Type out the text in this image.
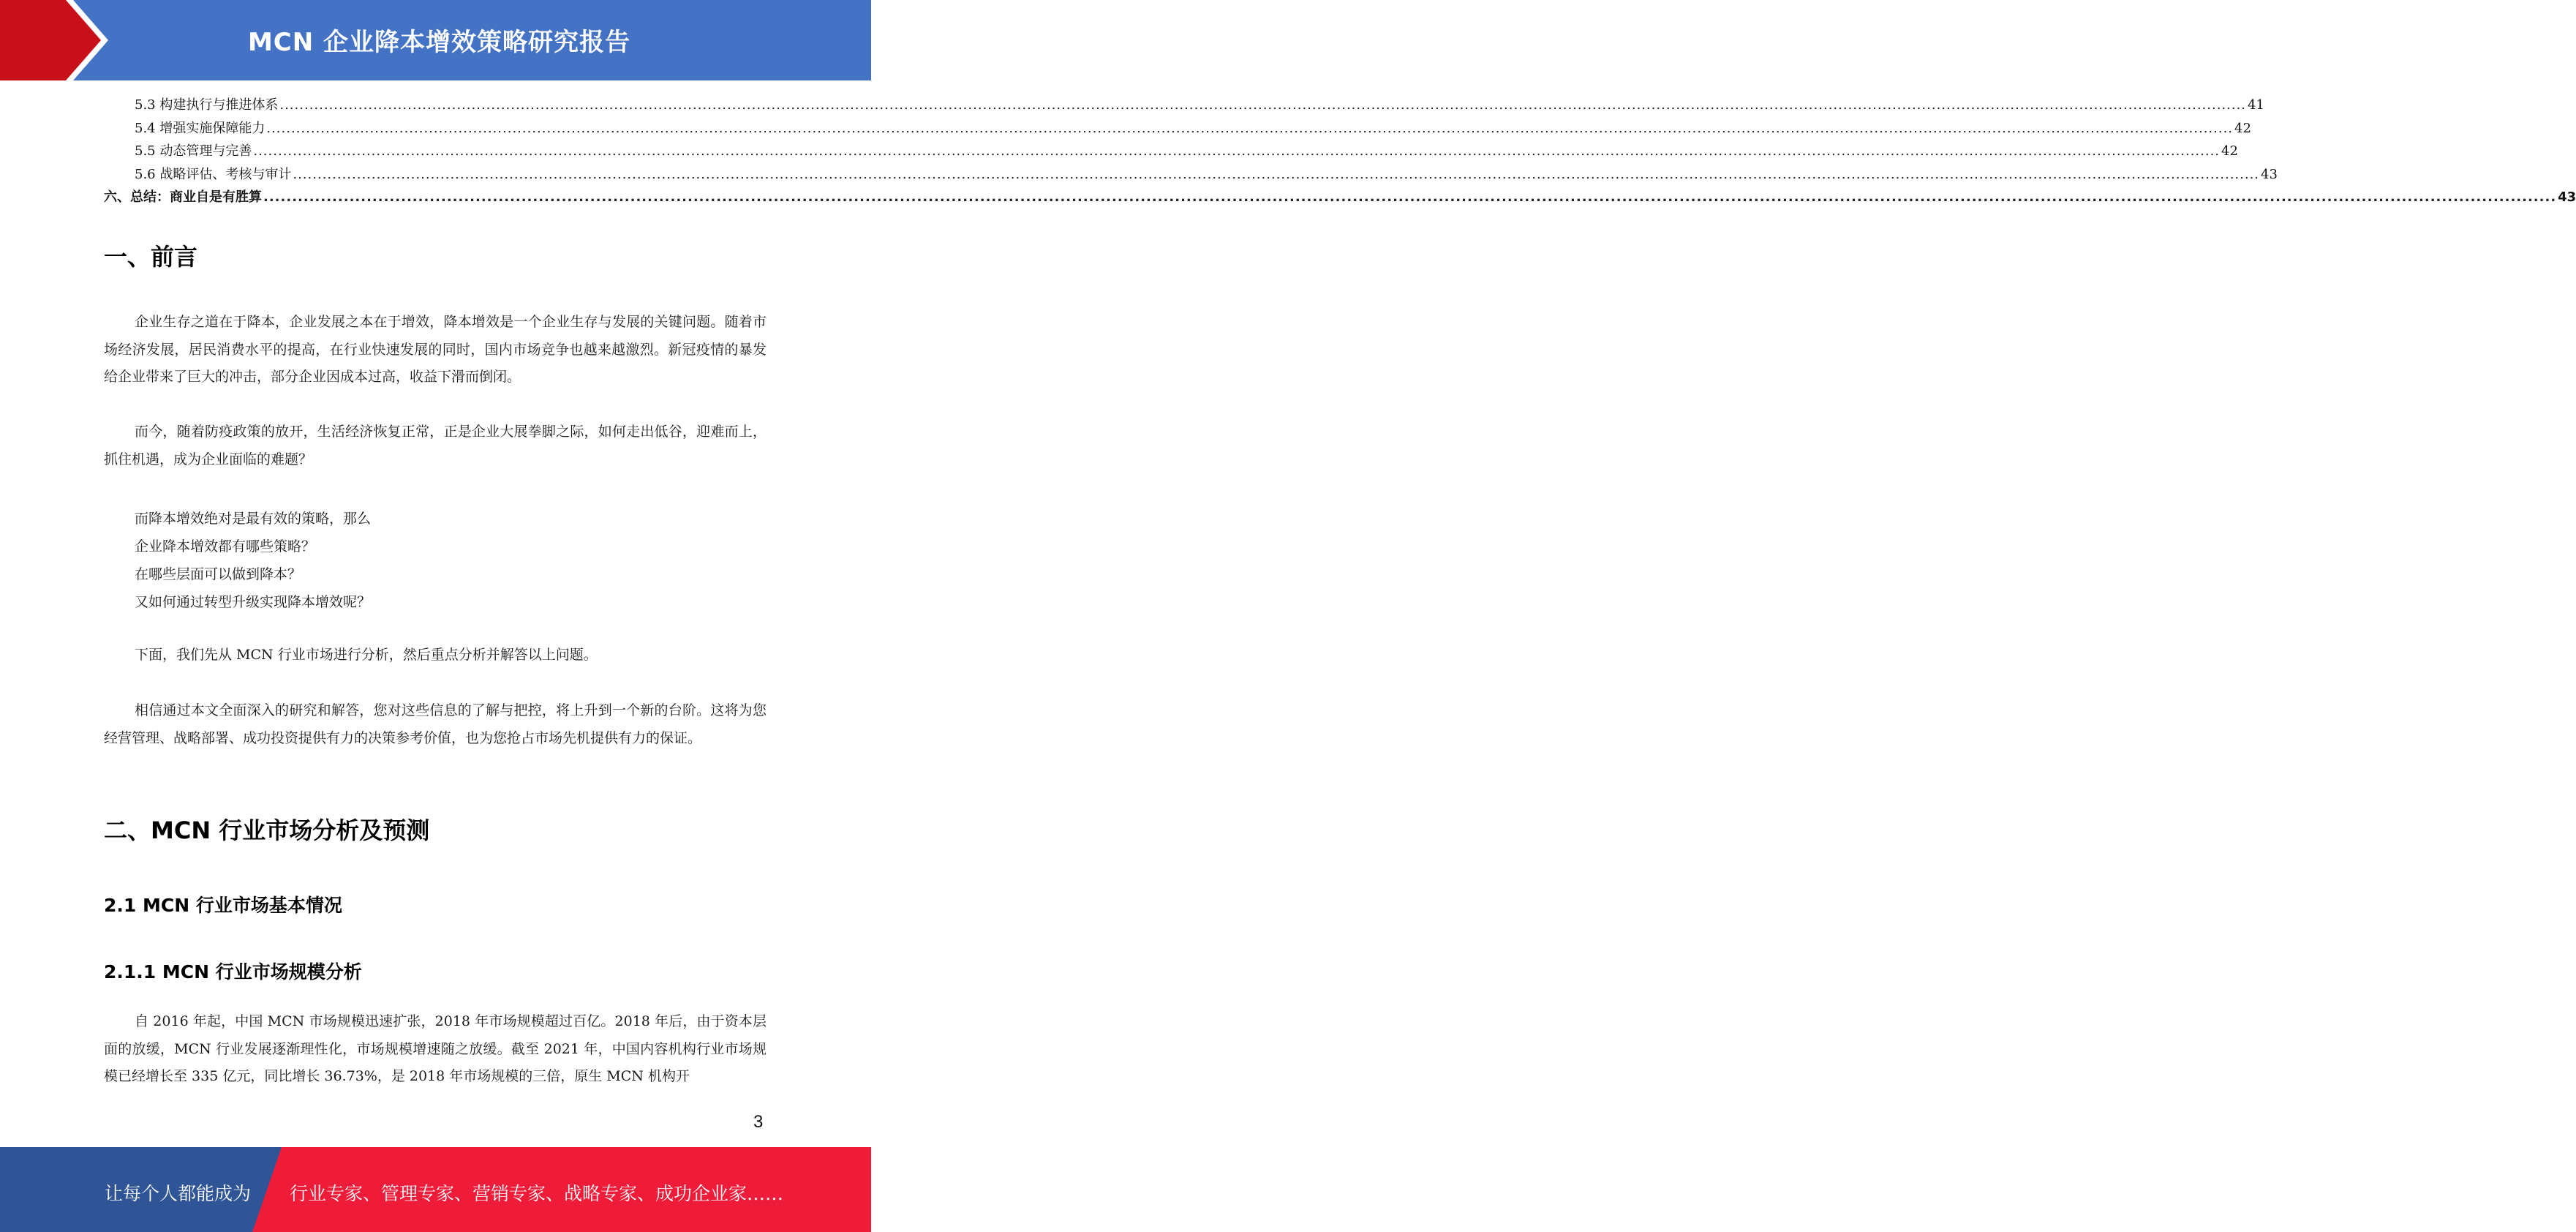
MCN 企业降本增效策略研究报告
5.3 构建执行与推进体系 ................................................................................................................................................................................................................................................................................................................................................................................................................ 41
5.4 增强实施保障能力 ................................................................................................................................................................................................................................................................................................................................................................................................................ 42
5.5 动态管理与完善 ................................................................................................................................................................................................................................................................................................................................................................................................................ 42
5.6 战略评估、考核与审计 ................................................................................................................................................................................................................................................................................................................................................................................................................ 43
六、总结：商业自是有胜算 ................................................................................................................................................................................................................................................................................................................................................................................................................ 43
一、前言
企业生存之道在于降本，企业发展之本在于增效，降本增效是一个企业生存与发展的关键问题。随着市场经济发展，居民消费水平的提高，在行业快速发展的同时，国内市场竞争也越来越激烈。新冠疫情的暴发给企业带来了巨大的冲击，部分企业因成本过高，收益下滑而倒闭。
而今，随着防疫政策的放开，生活经济恢复正常，正是企业大展拳脚之际，如何走出低谷，迎难而上，抓住机遇，成为企业面临的难题？
而降本增效绝对是最有效的策略，那么
企业降本增效都有哪些策略？
在哪些层面可以做到降本？
又如何通过转型升级实现降本增效呢？
下面，我们先从 MCN 行业市场进行分析，然后重点分析并解答以上问题。
相信通过本文全面深入的研究和解答，您对这些信息的了解与把控，将上升到一个新的台阶。这将为您经营管理、战略部署、成功投资提供有力的决策参考价值，也为您抢占市场先机提供有力的保证。
二、MCN 行业市场分析及预测
2.1 MCN 行业市场基本情况
2.1.1 MCN 行业市场规模分析
自 2016 年起，中国 MCN 市场规模迅速扩张，2018 年市场规模超过百亿。2018 年后，由于资本层面的放缓，MCN 行业发展逐渐理性化，市场规模增速随之放缓。截至 2021 年，中国内容机构行业市场规模已经增长至 335 亿元，同比增长 36.73%，是 2018 年市场规模的三倍，原生 MCN 机构开
3
让每个人都能成为 行业专家、管理专家、营销专家、战略专家、成功企业家……
